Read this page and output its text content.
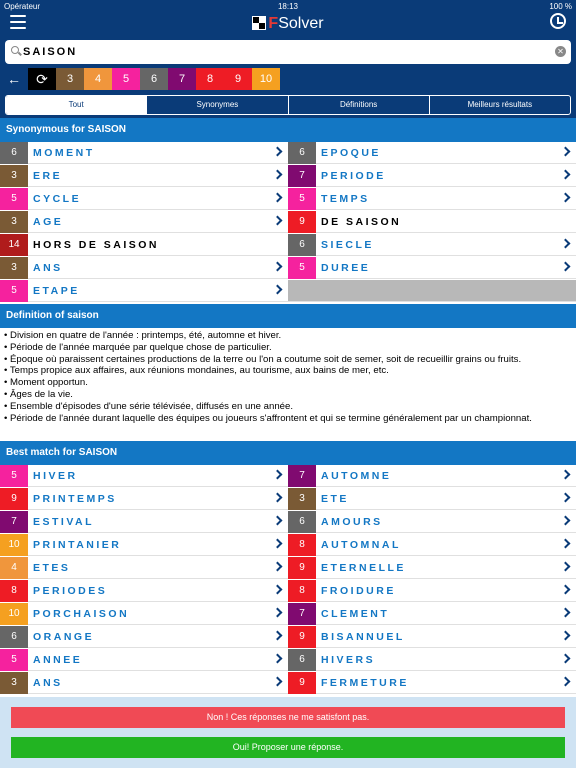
Opérateur	18:13	100 %
FSolver
SAISON
✕
←	⟳	3	4	5	6	7	8	9	10
Tout	Synonymes	Définitions	Meilleurs résultats
Synonymous for SAISON
6	MOMENT	6	EPOQUE
3	ERE	7	PERIODE
5	CYCLE	5	TEMPS
3	AGE	9	DE SAISON
14	HORS DE SAISON	6	SIECLE
3	ANS	5	DUREE
5	ETAPE
Definition of saison
• Division en quatre de l'année : printemps, été, automne et hiver.
• Période de l'année marquée par quelque chose de particulier.
• Époque où paraissent certaines productions de la terre ou l'on a coutume soit de semer, soit de recueillir grains ou fruits.
• Temps propice aux affaires, aux réunions mondaines, au tourisme, aux bains de mer, etc.
• Moment opportun.
• Âges de la vie.
• Ensemble d'épisodes d'une série télévisée, diffusés en une année.
• Période de l'année durant laquelle des équipes ou joueurs s'affrontent et qui se termine généralement par un championnat.
Best match for SAISON
5	HIVER	7	AUTOMNE
9	PRINTEMPS	3	ETE
7	ESTIVAL	6	AMOURS
10	PRINTANIER	8	AUTOMNAL
4	ETES	9	ETERNELLE
8	PERIODES	8	FROIDURE
10	PORCHAISON	7	CLEMENT
6	ORANGE	9	BISANNUEL
5	ANNEE	6	HIVERS
3	ANS	9	FERMETURE
Non ! Ces réponses ne me satisfont pas.
Oui! Proposer une réponse.
